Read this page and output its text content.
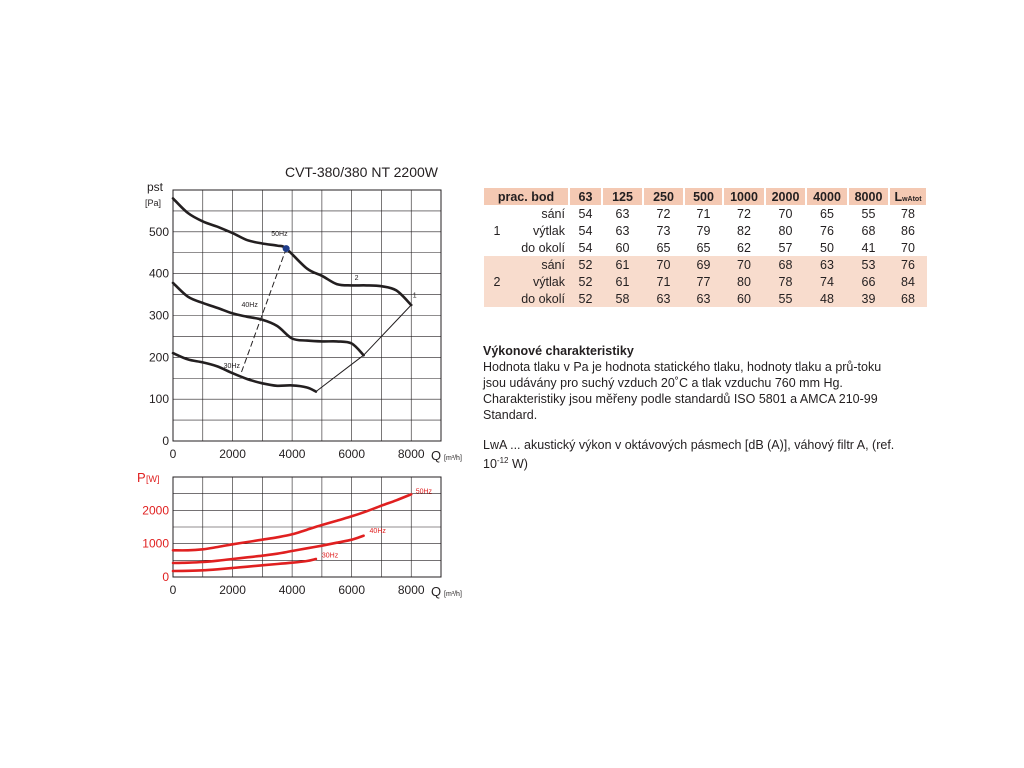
0
100
200
300
400
500
0	2000	4000	6000	8000 Q [m³/h]
pst
[Pa]
CVT-380/380 NT 2200W
50Hz
40Hz
30Hz
2
1
0
1000
2000
0	2000	4000	6000	8000 Q [m³/h]
P [W]
50Hz
40Hz
30Hz
prac. bod	63	125	250	500	1000	2000	4000	8000	LwAtot

sání	54	63	72	71	72	70	65	55	78

1 výtlak	54	63	73	79	82	80	76	68	86

do okolí	54	60	65	65	62	57	50	41	70

sání	52	61	70	69	70	68	63	53	76

2 výtlak	52	61	71	77	80	78	74	66	84

do okolí	52	58	63	63	60	55	48	39	68

Výkonové charakteristiky

Hodnota tlaku v Pa je hodnota statického tlaku, hodnoty tlaku a prů-toku jsou udávány pro suchý vzduch 20˚C a tlak vzduchu 760 mm Hg. Charakteristiky jsou měřeny podle standardů ISO 5801 a AMCA 210-99 Standard.

LwA ... akustický výkon v oktávových pásmech [dB (A)], váhový filtr A, (ref. $10^{-12}$ W)
